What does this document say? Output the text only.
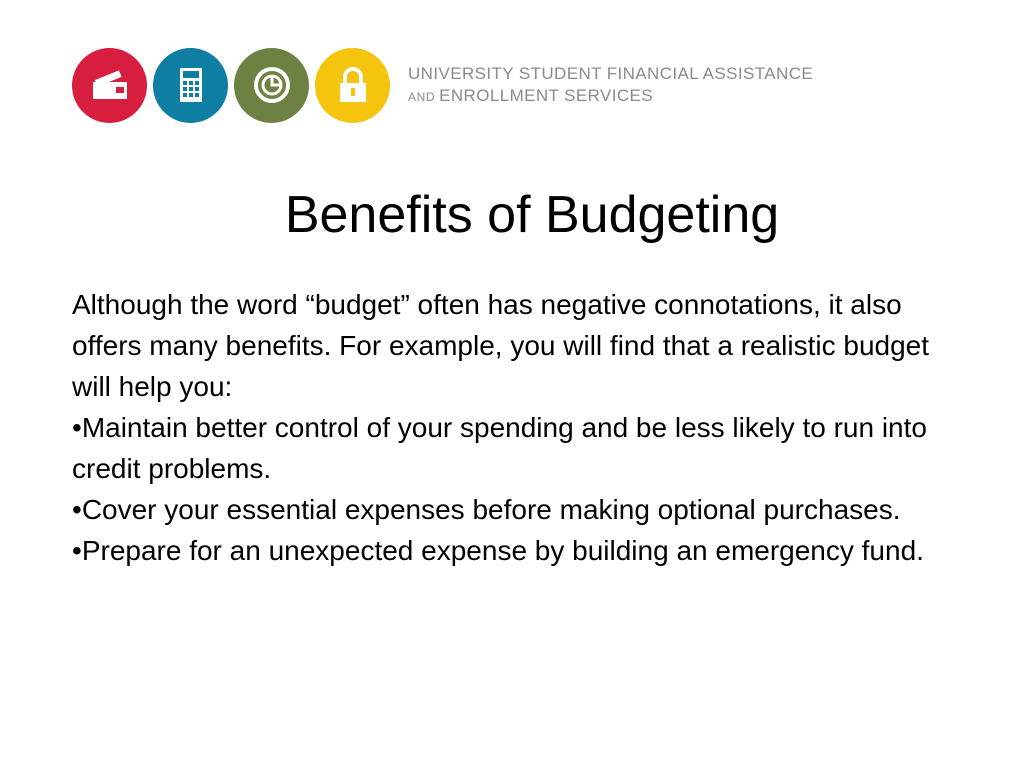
UNIVERSITY STUDENT FINANCIAL ASSISTANCE
AND ENROLLMENT SERVICES
Benefits of Budgeting

Although the word “budget” often has negative connotations, it also offers many benefits. For example, you will find that a realistic budget will help you:

• Maintain better control of your spending and be less likely to run into credit problems.

• Cover your essential expenses before making optional purchases.

• Prepare for an unexpected expense by building an emergency fund.
